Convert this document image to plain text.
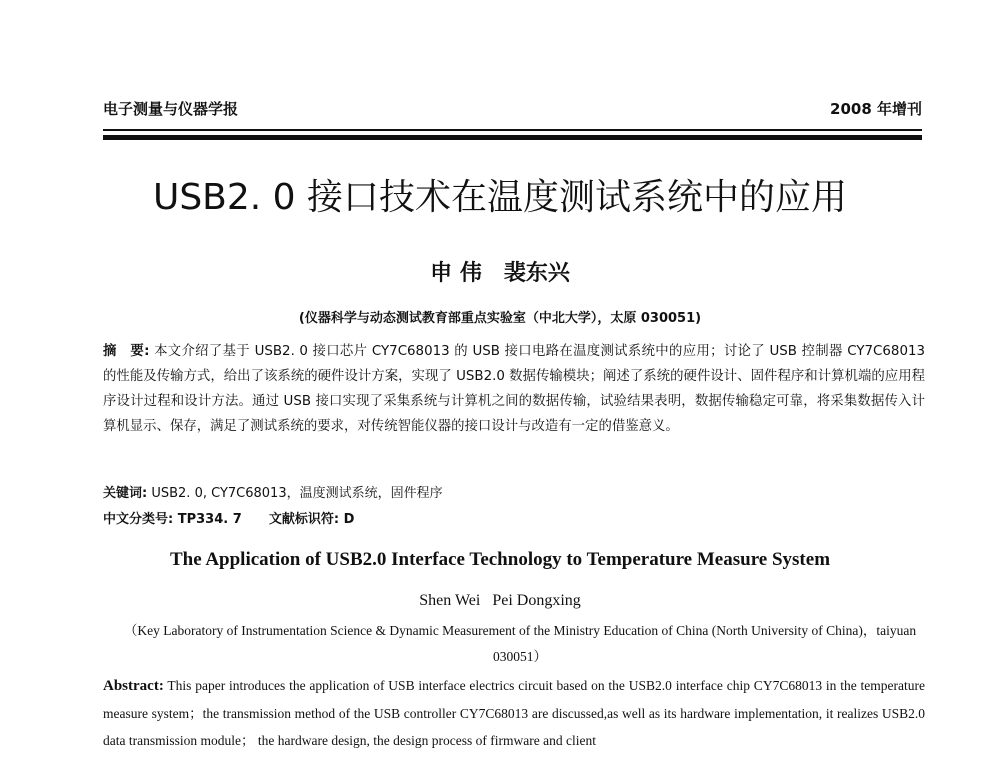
电子测量与仪器学报	2008 年增刊
USB2. 0 接口技术在温度测试系统中的应用
申 伟　裴东兴
(仪器科学与动态测试教育部重点实验室（中北大学），太原 030051)
摘　要: 本文介绍了基于 USB2. 0 接口芯片 CY7C68013 的 USB 接口电路在温度测试系统中的应用；讨论了 USB 控制器 CY7C68013 的性能及传输方式，给出了该系统的硬件设计方案，实现了 USB2.0 数据传输模块；阐述了系统的硬件设计、固件程序和计算机端的应用程序设计过程和设计方法。通过 USB 接口实现了采集系统与计算机之间的数据传输，试验结果表明，数据传输稳定可靠，将采集数据传入计算机显示、保存，满足了测试系统的要求，对传统智能仪器的接口设计与改造有一定的借鉴意义。
关键词: USB2. 0, CY7C68013，温度测试系统，固件程序
中文分类号: TP334. 7 文献标识符: D
The Application of USB2.0 Interface Technology to Temperature Measure System
Shen Wei Pei Dongxing
（Key Laboratory of Instrumentation Science & Dynamic Measurement of the Ministry Education of China (North University of China)，taiyuan 030051）
Abstract: This paper introduces the application of USB interface electrics circuit based on the USB2.0 interface chip CY7C68013 in the temperature measure system；the transmission method of the USB controller CY7C68013 are discussed,as well as its hardware implementation, it realizes USB2.0 data transmission module； the hardware design, the design process of firmware and client
